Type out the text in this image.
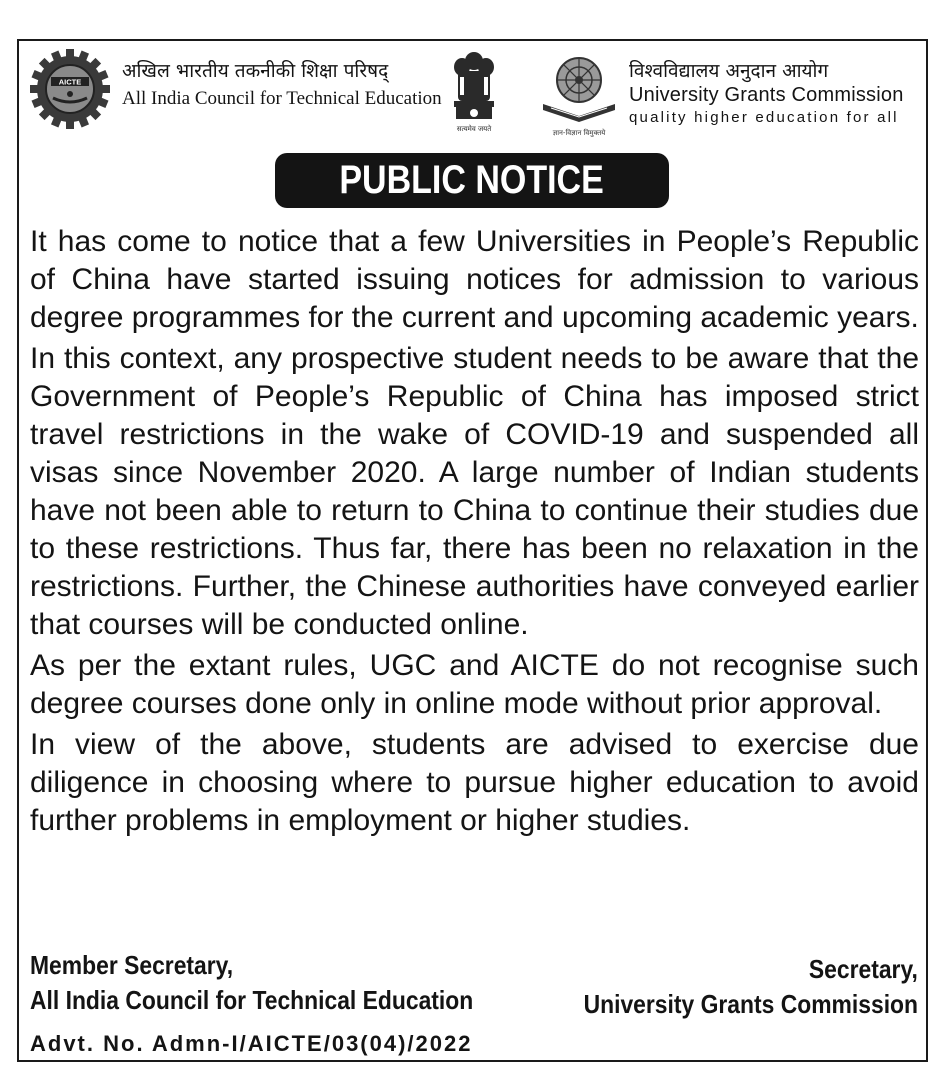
AICTE अखिल भारतीय तकनीकी शिक्षा परिषद्
All India Council for Technical Education
सत्यमेव जयते	ज्ञान-विज्ञान विमुक्तये
विश्वविद्यालय अनुदान आयोग
University Grants Commission
quality higher education for all
PUBLIC NOTICE

It has come to notice that a few Universities in People’s Republic of China have started issuing notices for admission to various degree programmes for the current and upcoming academic years.

In this context, any prospective student needs to be aware that the Government of People’s Republic of China has imposed strict travel restrictions in the wake of COVID-19 and suspended all visas since November 2020. A large number of Indian students have not been able to return to China to continue their studies due to these restrictions. Thus far, there has been no relaxation in the restrictions. Further, the Chinese authorities have conveyed earlier that courses will be conducted online.

As per the extant rules, UGC and AICTE do not recognise such degree courses done only in online mode without prior approval.

In view of the above, students are advised to exercise due diligence in choosing where to pursue higher education to avoid further problems in employment or higher studies.

Member Secretary,
All India Council for Technical Education
Secretary,
University Grants Commission
Advt. No. Admn-I/AICTE/03(04)/2022
